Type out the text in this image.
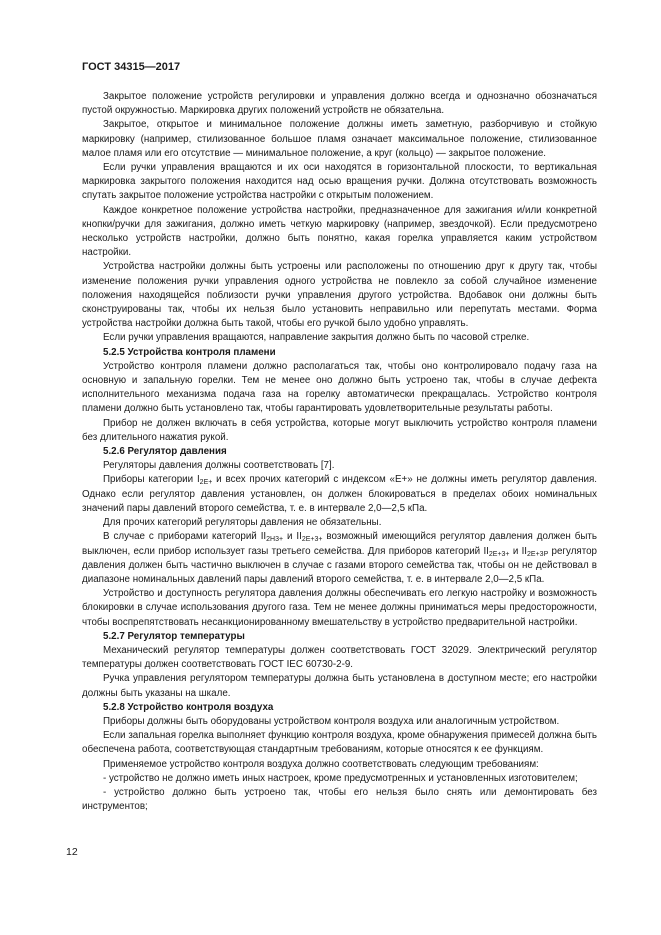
ГОСТ 34315—2017

Закрытое положение устройств регулировки и управления должно всегда и однозначно обозначаться пустой окружностью. Маркировка других положений устройств не обязательна.

Закрытое, открытое и минимальное положение должны иметь заметную, разборчивую и стойкую маркировку (например, стилизованное большое пламя означает максимальное положение, стилизованное малое пламя или его отсутствие — минимальное положение, а круг (кольцо) — закрытое положение.

Если ручки управления вращаются и их оси находятся в горизонтальной плоскости, то вертикальная маркировка закрытого положения находится над осью вращения ручки. Должна отсутствовать возможность спутать закрытое положение устройства настройки с открытым положением.

Каждое конкретное положение устройства настройки, предназначенное для зажигания и/или конкретной кнопки/ручки для зажигания, должно иметь четкую маркировку (например, звездочкой). Если предусмотрено несколько устройств настройки, должно быть понятно, какая горелка управляется каким устройством настройки.

Устройства настройки должны быть устроены или расположены по отношению друг к другу так, чтобы изменение положения ручки управления одного устройства не повлекло за собой случайное изменение положения находящейся поблизости ручки управления другого устройства. Вдобавок они должны быть сконструированы так, чтобы их нельзя было установить неправильно или перепутать местами. Форма устройства настройки должна быть такой, чтобы его ручкой было удобно управлять.

Если ручки управления вращаются, направление закрытия должно быть по часовой стрелке.

5.2.5 Устройства контроля пламени

Устройство контроля пламени должно располагаться так, чтобы оно контролировало подачу газа на основную и запальную горелки. Тем не менее оно должно быть устроено так, чтобы в случае дефекта исполнительного механизма подача газа на горелку автоматически прекращалась. Устройство контроля пламени должно быть установлено так, чтобы гарантировать удовлетворительные результаты работы.

Прибор не должен включать в себя устройства, которые могут выключить устройство контроля пламени без длительного нажатия рукой.

5.2.6 Регулятор давления

Регуляторы давления должны соответствовать [7].

Приборы категории $I_{2E+}$ и всех прочих категорий с индексом «Е+» не должны иметь регулятор давления. Однако если регулятор давления установлен, он должен блокироваться в пределах обоих номинальных значений пары давлений второго семейства, т. е. в интервале 2,0—2,5 кПа.

Для прочих категорий регуляторы давления не обязательны.

В случае с приборами категорий $II_{2H3+}$ и $II_{2E+3+}$ возможный имеющийся регулятор давления должен быть выключен, если прибор использует газы третьего семейства. Для приборов категорий $II_{2E+3+}$ и $II_{2E+3P}$ регулятор давления должен быть частично выключен в случае с газами второго семейства так, чтобы он не действовал в диапазоне номинальных давлений пары давлений второго семейства, т. е. в интервале 2,0—2,5 кПа.

Устройство и доступность регулятора давления должны обеспечивать его легкую настройку и возможность блокировки в случае использования другого газа. Тем не менее должны приниматься меры предосторожности, чтобы воспрепятствовать несанкционированному вмешательству в устройство предварительной настройки.

5.2.7 Регулятор температуры

Механический регулятор температуры должен соответствовать ГОСТ 32029. Электрический регулятор температуры должен соответствовать ГОСТ IEC 60730-2-9.

Ручка управления регулятором температуры должна быть установлена в доступном месте; его настройки должны быть указаны на шкале.

5.2.8 Устройство контроля воздуха

Приборы должны быть оборудованы устройством контроля воздуха или аналогичным устройством.

Если запальная горелка выполняет функцию контроля воздуха, кроме обнаружения примесей должна быть обеспечена работа, соответствующая стандартным требованиям, которые относятся к ее функциям.

Применяемое устройство контроля воздуха должно соответствовать следующим требованиям:

- устройство не должно иметь иных настроек, кроме предусмотренных и установленных изготовителем;

- устройство должно быть устроено так, чтобы его нельзя было снять или демонтировать без инструментов;

12
